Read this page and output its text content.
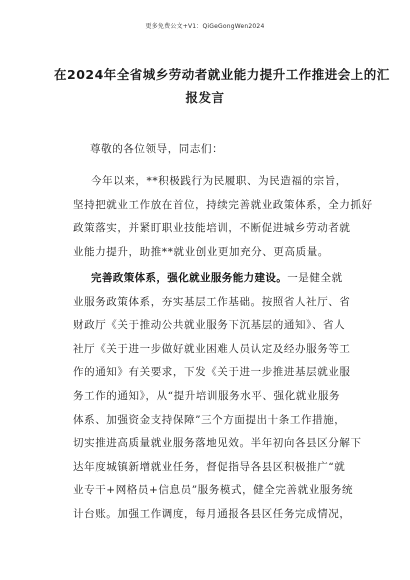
更多免费公文+V1：QiGeGongWen2024
在2024年全省城乡劳动者就业能力提升工作推进会上的汇
报发言
尊敬的各位领导，同志们：
今年以来，**积极践行为民履职、为民造福的宗旨，
坚持把就业工作放在首位，持续完善就业政策体系，全力抓好
政策落实，并紧盯职业技能培训，不断促进城乡劳动者就
业能力提升，助推**就业创业更加充分、更高质量。
完善政策体系，强化就业服务能力建设。一是健全就
业服务政策体系，夯实基层工作基础。按照省人社厅、省
财政厅《关于推动公共就业服务下沉基层的通知》、省人
社厅《关于进一步做好就业困难人员认定及经办服务等工
作的通知》有关要求，下发《关于进一步推进基层就业服
务工作的通知》，从“提升培训服务水平、强化就业服务
体系、加强资金支持保障”三个方面提出十条工作措施，
切实推进高质量就业服务落地见效。半年初向各县区分解下
达年度城镇新增就业任务，督促指导各县区积极推广“就
业专干+网格员+信息员”服务模式，健全完善就业服务统
计台账。加强工作调度，每月通报各县区任务完成情况，
